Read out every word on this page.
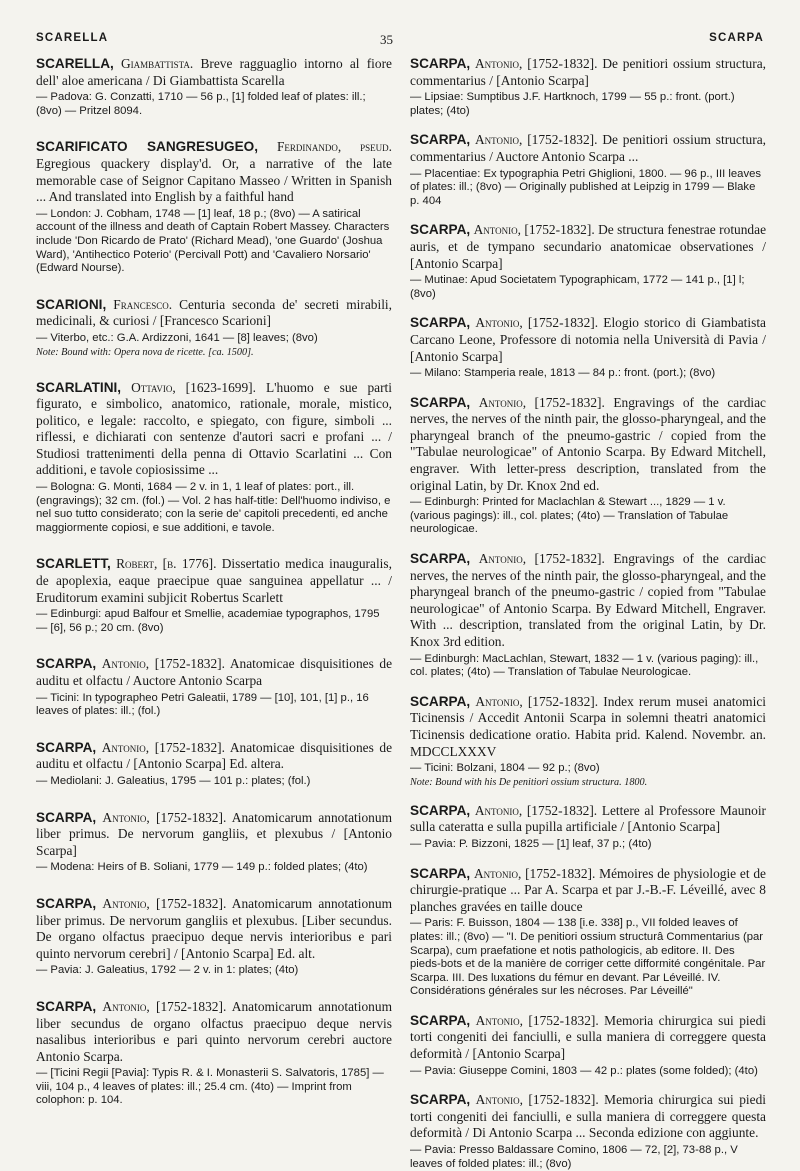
SCARELLA	35	SCARPA

SCARELLA, Giambattista. Breve ragguaglio intorno al fiore dell' aloe americana / Di Giambattista Scarella

— Padova: G. Conzatti, 1710 — 56 p., [1] folded leaf of plates: ill.; (8vo) — Pritzel 8094.

SCARIFICATO SANGRESUGEO, Ferdinando, pseud. Egregious quackery display'd. Or, a narrative of the late memorable case of Seignor Capitano Masseo / Written in Spanish ... And translated into English by a faithful hand

— London: J. Cobham, 1748 — [1] leaf, 18 p.; (8vo) — A satirical account of the illness and death of Captain Robert Massey. Characters include 'Don Ricardo de Prato' (Richard Mead), 'one Guardo' (Joshua Ward), 'Antihectico Poterio' (Percivall Pott) and 'Cavaliero Norsario' (Edward Nourse).

SCARIONI, Francesco. Centuria seconda de' secreti mirabili, medicinali, & curiosi / [Francesco Scarioni]

— Viterbo, etc.: G.A. Ardizzoni, 1641 — [8] leaves; (8vo)

Note: Bound with: Opera nova de ricette. [ca. 1500].

SCARLATINI, Ottavio, [1623-1699]. L'huomo e sue parti figurato, e simbolico, anatomico, rationale, morale, mistico, politico, e legale: raccolto, e spiegato, con figure, simboli ... riflessi, e dichiarati con sentenze d'autori sacri e profani ... / Studiosi trattenimenti della penna di Ottavio Scarlatini ... Con additioni, e tavole copiosissime ...

— Bologna: G. Monti, 1684 — 2 v. in 1, 1 leaf of plates: port., ill. (engravings); 32 cm. (fol.) — Vol. 2 has half-title: Dell'huomo indiviso, e nel suo tutto considerato; con la serie de' capitoli precedenti, ed anche maggiormente copiosi, e sue additioni, e tavole.

SCARLETT, Robert, [b. 1776]. Dissertatio medica inauguralis, de apoplexia, eaque praecipue quae sanguinea appellatur ... / Eruditorum examini subjicit Robertus Scarlett

— Edinburgi: apud Balfour et Smellie, academiae typographos, 1795 — [6], 56 p.; 20 cm. (8vo)

SCARPA, Antonio, [1752-1832]. Anatomicae disquisitiones de auditu et olfactu / Auctore Antonio Scarpa

— Ticini: In typographeo Petri Galeatii, 1789 — [10], 101, [1] p., 16 leaves of plates: ill.; (fol.)

SCARPA, Antonio, [1752-1832]. Anatomicae disquisitiones de auditu et olfactu / [Antonio Scarpa] Ed. altera.

— Mediolani: J. Galeatius, 1795 — 101 p.: plates; (fol.)

SCARPA, Antonio, [1752-1832]. Anatomicarum annotationum liber primus. De nervorum gangliis, et plexubus / [Antonio Scarpa]

— Modena: Heirs of B. Soliani, 1779 — 149 p.: folded plates; (4to)

SCARPA, Antonio, [1752-1832]. Anatomicarum annotationum liber primus. De nervorum gangliis et plexubus. [Liber secundus. De organo olfactus praecipuo deque nervis interioribus e pari quinto nervorum cerebri] / [Antonio Scarpa] Ed. alt.

— Pavia: J. Galeatius, 1792 — 2 v. in 1: plates; (4to)

SCARPA, Antonio, [1752-1832]. Anatomicarum annotationum liber secundus de organo olfactus praecipuo deque nervis nasalibus interioribus e pari quinto nervorum cerebri auctore Antonio Scarpa.

— [Ticini Regii [Pavia]: Typis R. & I. Monasterii S. Salvatoris, 1785] — viii, 104 p., 4 leaves of plates: ill.; 25.4 cm. (4to) — Imprint from colophon: p. 104.

SCARPA, Antonio, [1752-1832]. De penitiori ossium structura, commentarius / [Antonio Scarpa]

— Lipsiae: Sumptibus J.F. Hartknoch, 1799 — 55 p.: front. (port.) plates; (4to)

SCARPA, Antonio, [1752-1832]. De penitiori ossium structura, commentarius / Auctore Antonio Scarpa ...

— Placentiae: Ex typographia Petri Ghiglioni, 1800. — 96 p., III leaves of plates: ill.; (8vo) — Originally published at Leipzig in 1799 — Blake p. 404

SCARPA, Antonio, [1752-1832]. De structura fenestrae rotundae auris, et de tympano secundario anatomicae observationes / [Antonio Scarpa]

— Mutinae: Apud Societatem Typographicam, 1772 — 141 p., [1] l; (8vo)

SCARPA, Antonio, [1752-1832]. Elogio storico di Giambatista Carcano Leone, Professore di notomia nella Università di Pavia / [Antonio Scarpa]

— Milano: Stamperia reale, 1813 — 84 p.: front. (port.); (8vo)

SCARPA, Antonio, [1752-1832]. Engravings of the cardiac nerves, the nerves of the ninth pair, the glosso-pharyngeal, and the pharyngeal branch of the pneumo-gastric / copied from the "Tabulae neurologicae" of Antonio Scarpa. By Edward Mitchell, engraver. With letter-press description, translated from the original Latin, by Dr. Knox 2nd ed.

— Edinburgh: Printed for Maclachlan & Stewart ..., 1829 — 1 v. (various pagings): ill., col. plates; (4to) — Translation of Tabulae neurologicae.

SCARPA, Antonio, [1752-1832]. Engravings of the cardiac nerves, the nerves of the ninth pair, the glosso-pharyngeal, and the pharyngeal branch of the pneumo-gastric / copied from "Tabulae neurologicae" of Antonio Scarpa. By Edward Mitchell, Engraver. With ... description, translated from the original Latin, by Dr. Knox 3rd edition.

— Edinburgh: MacLachlan, Stewart, 1832 — 1 v. (various paging): ill., col. plates; (4to) — Translation of Tabulae Neurologicae.

SCARPA, Antonio, [1752-1832]. Index rerum musei anatomici Ticinensis / Accedit Antonii Scarpa in solemni theatri anatomici Ticinensis dedicatione oratio. Habita prid. Kalend. Novembr. an. MDCCLXXXV

— Ticini: Bolzani, 1804 — 92 p.; (8vo)

Note: Bound with his De penitiori ossium structura. 1800.

SCARPA, Antonio, [1752-1832]. Lettere al Professore Maunoir sulla cateratta e sulla pupilla artificiale / [Antonio Scarpa]

— Pavia: P. Bizzoni, 1825 — [1] leaf, 37 p.; (4to)

SCARPA, Antonio, [1752-1832]. Mémoires de physiologie et de chirurgie-pratique ... Par A. Scarpa et par J.-B.-F. Léveillé, avec 8 planches gravées en taille douce

— Paris: F. Buisson, 1804 — 138 [i.e. 338] p., VII folded leaves of plates: ill.; (8vo) — "I. De penitiori ossium structurâ Commentarius (par Scarpa), cum praefatione et notis pathologicis, ab editore. II. Des pieds-bots et de la manière de corriger cette difformité congénitale. Par Scarpa. III. Des luxations du fémur en devant. Par Léveillé. IV. Considérations générales sur les nécroses. Par Léveillé"

SCARPA, Antonio, [1752-1832]. Memoria chirurgica sui piedi torti congeniti dei fanciulli, e sulla maniera di correggere questa deformità / [Antonio Scarpa]

— Pavia: Giuseppe Comini, 1803 — 42 p.: plates (some folded); (4to)

SCARPA, Antonio, [1752-1832]. Memoria chirurgica sui piedi torti congeniti dei fanciulli, e sulla maniera di correggere questa deformità / Di Antonio Scarpa ... Seconda edizione con aggiunte.

— Pavia: Presso Baldassare Comino, 1806 — 72, [2], 73-88 p., V leaves of folded plates: ill.; (8vo)
